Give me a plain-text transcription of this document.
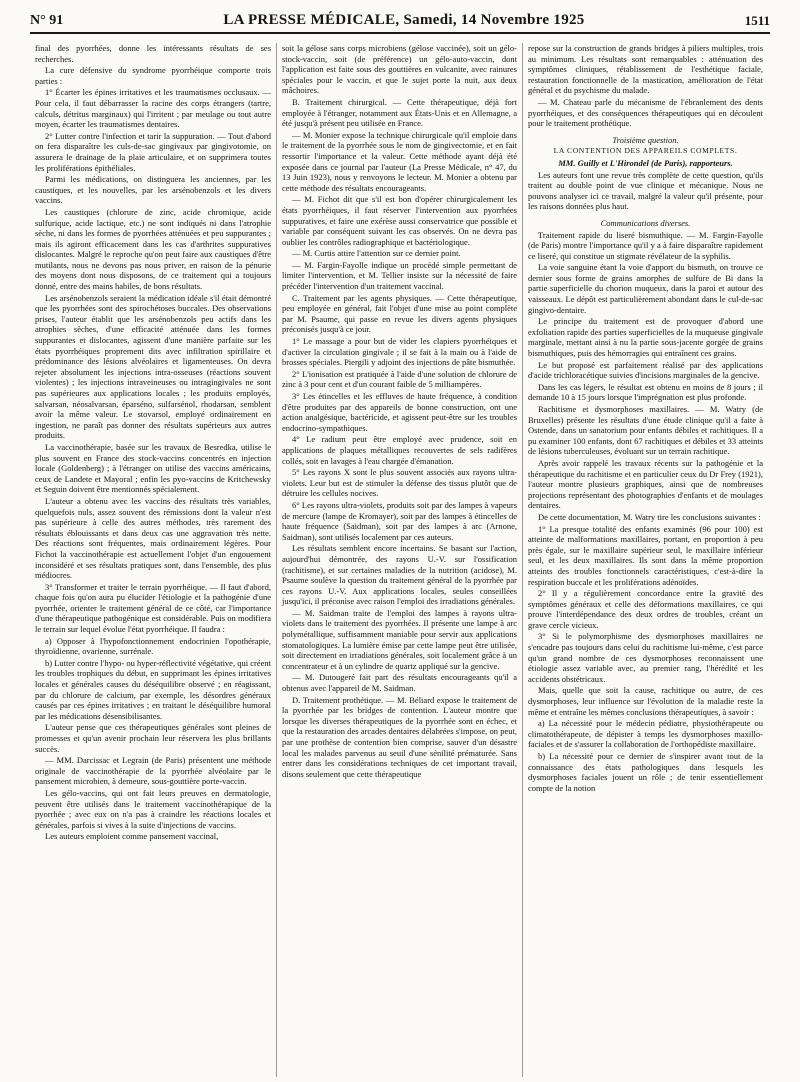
N° 91	LA PRESSE MÉDICALE, Samedi, 14 Novembre 1925	1511

final des pyorrhées, donne les intéressants résultats de ses recherches.

La cure défensive du syndrome pyorrhéique comporte trois parties :

1° Écarter les épines irritatives et les traumatismes occlusaux. — Pour cela, il faut débarrasser la racine des corps étrangers (tartre, calculs, détritus marginaux) qui l'irritent ; par meulage ou tout autre moyen, écarter les traumatismes dentaires.

2° Lutter contre l'infection et tarir la suppuration. — Tout d'abord on fera disparaître les culs-de-sac gingivaux par gingivotomie, on assurera le drainage de la plaie articulaire, et on supprimera toutes les proliférations épithéliales.

Parmi les médications, on distinguera les anciennes, par les caustiques, et les nouvelles, par les arsénobenzols et les divers vaccins.

Les caustiques (chlorure de zinc, acide chromique, acide sulfurique, acide lactique, etc.) ne sont indiqués ni dans l'atrophie sèche, ni dans les formes de pyorrhées atténuées et peu suppurantes ; mais ils agiront efficacement dans les cas d'arthrites suppuratives dislocantes. Malgré le reproche qu'on peut faire aux caustiques d'être mutilants, nous ne devons pas nous priver, en raison de la pénurie des moyens dont nous disposons, de ce traitement qui a toujours donné, entre des mains habiles, de bons résultats.

Les arsénobenzols seraient la médication idéale s'il était démontré que les pyorrhées sont des spirochétoses buccales. Des observations prises, l'auteur établit que les arsénobenzols peu actifs dans les atrophies sèches, d'une efficacité atténuée dans les formes suppurantes et dislocantes, agissent d'une manière parfaite sur les états pyorrhéiques proprement dits avec infiltration spirillaire et prédominance des lésions alvéolaires et ligamenteuses. On devra rejeter absolument les injections intra-osseuses (réactions souvent violentes) ; les injections intraveineuses ou intragingivales ne sont pas supérieures aux applications locales ; les produits employés, salvarsan, néosalvarsan, éparséno, sulfarsénol, rhodarsan, semblent avoir la même valeur. Le stovarsol, employé ordinairement en ingestion, ne paraît pas donner des résultats supérieurs aux autres produits.

La vaccinothérapie, basée sur les travaux de Besredka, utilise le plus souvent en France des stock-vaccins concentrés en injection locale (Goldenberg) ; à l'étranger on utilise des vaccins américains, ceux de Landete et Mayoral ; enfin les pyo-vaccins de Kritchewsky et Seguin doivent être mentionnés spécialement.

L'auteur a obtenu avec les vaccins des résultats très variables, quelquefois nuls, assez souvent des rémissions dont la valeur n'est pas supérieure à celle des autres méthodes, très rarement des résultats éblouissants et dans deux cas une aggravation très nette. Des réactions sont fréquentes, mais ordinairement légères. Pour Fichot la vaccinothérapie est actuellement l'objet d'un engouement inconsidéré et ses résultats pratiques sont, dans l'ensemble, des plus médiocres.

3° Transformer et traiter le terrain pyorrhéique. — Il faut d'abord, chaque fois qu'on aura pu élucider l'étiologie et la pathogénie d'une pyorrhée, orienter le traitement général de ce côté, car l'importance d'une thérapeutique pathogénique est considérable. Puis on modifiera le terrain sur lequel évolue l'état pyorrhéique. Il faudra :

a) Opposer à l'hypofonctionnement endocrinien l'opothérapie, thyroïdienne, ovarienne, surrénale.

b) Lutter contre l'hypo- ou hyper-réflectivité végétative, qui créent les troubles trophiques du début, en supprimant les épines irritatives locales et générales causes du déséquilibre observé ; en réagissant, par du chlorure de calcium, par exemple, les désordres généraux causés par ces épines irritatives ; en traitant le déséquilibre humoral par les médications désensibilisantes.

L'auteur pense que ces thérapeutiques générales sont pleines de promesses et qu'un avenir prochain leur réservera les plus brillants succès.

— MM. Darcissac et Legrain (de Paris) présentent une méthode originale de vaccinothérapie de la pyorrhée alvéolaire par le pansement microbien, à demeure, sous-gouttière porte-vaccin.

Les gélo-vaccins, qui ont fait leurs preuves en dermatologie, peuvent être utilisés dans le traitement vaccinothérapique de la pyorrhée ; avec eux on n'a pas à craindre les réactions locales et générales, parfois si vives à la suite d'injections de vaccins.

Les auteurs emploient comme pansement vaccinal,

soit la gélose sans corps microbiens (gélose vaccinée), soit un gélo-stock-vaccin, soit (de préférence) un gélo-auto-vaccin, dont l'application est faite sous des gouttières en vulcanite, avec rainures spéciales pour le vaccin, et que le sujet porte la nuit, aux deux mâchoires.

B. Traitement chirurgical. — Cette thérapeutique, déjà fort employée à l'étranger, notamment aux États-Unis et en Allemagne, a été jusqu'à présent peu utilisée en France.

— M. Monier expose la technique chirurgicale qu'il emploie dans le traitement de la pyorrhée sous le nom de gingivectomie, et en fait ressortir l'importance et la valeur. Cette méthode ayant déjà été exposée dans ce journal par l'auteur (La Presse Médicale, n° 47, du 13 Juin 1923), nous y renvoyons le lecteur. M. Monier a obtenu par cette méthode des résultats encourageants.

— M. Fichot dit que s'il est bon d'opérer chirurgicalement les états pyorrhéiques, il faut réserver l'intervention aux pyorrhées suppuratives, et faire une exérèse aussi conservatrice que possible et variable par conséquent suivant les cas observés. On ne devra pas oublier les contrôles radiographique et bactériologique.

— M. Curtis attire l'attention sur ce dernier point.

— M. Fargin-Fayolle indique un procédé simple permettant de limiter l'intervention, et M. Tellier insiste sur la nécessité de faire précéder l'intervention d'un traitement vaccinal.

C. Traitement par les agents physiques. — Cette thérapeutique, peu employée en général, fait l'objet d'une mise au point complète par M. Psaume, qui passe en revue les divers agents physiques préconisés jusqu'à ce jour.

1° Le massage a pour but de vider les clapiers pyorrhéiques et d'activer la circulation gingivale ; il se fait à la main ou à l'aide de brosses spéciales. Piergili y adjoint des injections de pâte bismuthée.

2° L'ionisation est pratiquée à l'aide d'une solution de chlorure de zinc à 3 pour cent et d'un courant faible de 5 milliampères.

3° Les étincelles et les effluves de haute fréquence, à condition d'être produites par des appareils de bonne construction, ont une action analgésique, bactéricide, et agissent peut-être sur les troubles endocrino-sympathiques.

4° Le radium peut être employé avec prudence, soit en applications de plaques métalliques recouvertes de sels radifères collés, soit en lavages à l'eau chargée d'émanation.

5° Les rayons X sont le plus souvent associés aux rayons ultra-violets. Leur but est de stimuler la défense des tissus plutôt que de détruire les cellules nocives.

6° Les rayons ultra-violets, produits soit par des lampes à vapeurs de mercure (lampe de Kromayer), soit par des lampes à étincelles de haute fréquence (Saidman), soit par des lampes à arc (Arnone, Saidman), sont utilisés localement par ces auteurs.

Les résultats semblent encore incertains. Se basant sur l'action, aujourd'hui démontrée, des rayons U.-V. sur l'ossification (rachitisme), et sur certaines maladies de la nutrition (acidose), M. Psaume soulève la question du traitement général de la pyorrhée par ces rayons U.-V. Aux applications locales, seules conseillées jusqu'ici, il préconise avec raison l'emploi des irradiations générales.

— M. Saidman traite de l'emploi des lampes à rayons ultra-violets dans le traitement des pyorrhées. Il présente une lampe à arc polymétallique, suffisamment maniable pour servir aux applications stomatologiques. La lumière émise par cette lampe peut être utilisée, soit directement en irradiations générales, soit localement grâce à un concentrateur et à un cylindre de quartz appliqué sur la gencive.

— M. Dutougeré fait part des résultats encourageants qu'il a obtenus avec l'appareil de M. Saidman.

D. Traitement prothétique. — M. Béliard expose le traitement de la pyorrhée par les bridges de contention. L'auteur montre que lorsque les diverses thérapeutiques de la pyorrhée sont en échec, et que la restauration des arcades dentaires délabrées s'impose, on peut, par une prothèse de contention bien comprise, sauver d'un désastre local les malades parvenus au seuil d'une sénilité prématurée. Sans entrer dans les considérations techniques de cet important travail, disons seulement que cette thérapeutique

repose sur la construction de grands bridges à piliers multiples, trois au minimum. Les résultats sont remarquables : atténuation des symptômes cliniques, rétablissement de l'esthétique faciale, restauration fonctionnelle de la mastication, amélioration de l'état général et du psychisme du malade.

— M. Chateau parle du mécanisme de l'ébranlement des dents pyorrhéiques, et des conséquences thérapeutiques qui en découlent pour le traitement prothétique.

Troisième question.

LA CONTENTION DES APPAREILS COMPLETS.

MM. Guilly et L'Hirondel (de Paris), rapporteurs.

Les auteurs font une revue très complète de cette question, qu'ils traitent au double point de vue clinique et mécanique. Nous ne pouvons analyser ici ce travail, malgré la valeur qu'il présente, pour les raisons données plus haut.

Communications diverses.

Traitement rapide du liseré bismuthique. — M. Fargin-Fayolle (de Paris) montre l'importance qu'il y a à faire disparaître rapidement ce liseré, qui constitue un stigmate révélateur de la syphilis.

La voie sanguine étant la voie d'apport du bismuth, on trouve ce dernier sous forme de grains amorphes de sulfure de Bi dans la partie superficielle du chorion muqueux, dans la paroi et autour des vaisseaux. Le dépôt est particulièrement abondant dans le cul-de-sac gingivo-dentaire.

Le principe du traitement est de provoquer d'abord une exfoliation rapide des parties superficielles de la muqueuse gingivale marginale, mettant ainsi à nu la partie sous-jacente gorgée de grains bismuthiques, puis des hémorragies qui entraînent ces grains.

Le but proposé est parfaitement réalisé par des applications d'acide trichloracétique suivies d'incisions marginales de la gencive.

Dans les cas légers, le résultat est obtenu en moins de 8 jours ; il demande 10 à 15 jours lorsque l'imprégnation est plus profonde.

Rachitisme et dysmorphoses maxillaires. — M. Watry (de Bruxelles) présente les résultats d'une étude clinique qu'il a faite à Ostende, dans un sanatorium pour enfants débiles et rachitiques. Il a pu examiner 100 enfants, dont 67 rachitiques et débiles et 33 atteints de lésions tuberculeuses, évoluant sur un terrain rachitique.

Après avoir rappelé les travaux récents sur la pathogénie et la thérapeutique du rachitisme et en particulier ceux du Dr Frey (1921), l'auteur montre plusieurs graphiques, ainsi que de nombreuses projections représentant des photographies d'enfants et de moulages dentaires.

De cette documentation, M. Watry tire les conclusions suivantes :

1° La presque totalité des enfants examinés (96 pour 100) est atteinte de malformations maxillaires, portant, en proportion à peu près égale, sur le maxillaire supérieur seul, le maxillaire inférieur seul, et les deux maxillaires. Ils sont dans la même proportion atteints des troubles fonctionnels caractéristiques, c'est-à-dire la respiration buccale et les proliférations adénoïdes.

2° Il y a régulièrement concordance entre la gravité des symptômes généraux et celle des déformations maxillaires, ce qui prouve l'interdépendance des deux ordres de troubles, créant un grave cercle vicieux.

3° Si le polymorphisme des dysmorphoses maxillaires ne s'encadre pas toujours dans celui du rachitisme lui-même, c'est parce qu'un grand nombre de ces dysmorphoses reconnaissent une étiologie assez variable avec, au premier rang, l'hérédité et les accidents obstétricaux.

Mais, quelle que soit la cause, rachitique ou autre, de ces dysmorphoses, leur influence sur l'évolution de la maladie reste la même et entraîne les mêmes conclusions thérapeutiques, à savoir :

a) La nécessité pour le médecin pédiatre, physiothérapeute ou climatothérapeute, de dépister à temps les dysmorphoses maxillo-faciales et de s'assurer la collaboration de l'orthopédiste maxillaire.

b) La nécessité pour ce dernier de s'inspirer avant tout de la connaissance des états pathologiques dans lesquels les dysmorphoses faciales jouent un rôle ; de tenir essentiellement compte de la notion
